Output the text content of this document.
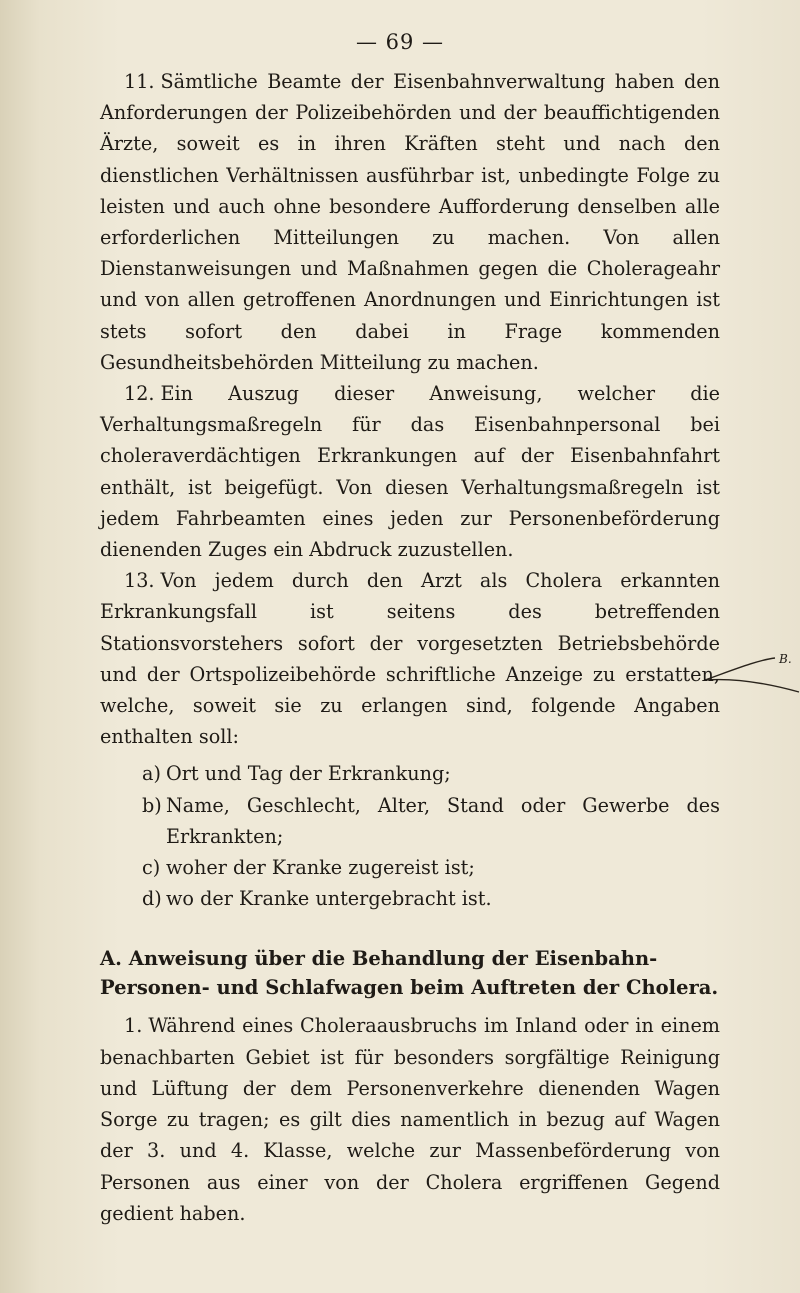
— 69 —
B.

11. Sämtliche Beamte der Eisenbahnverwaltung haben den Anforderungen der Polizeibehörden und der beauffichtigenden Ärzte, soweit es in ihren Kräften steht und nach den dienstlichen Verhältnissen ausführbar ist, unbedingte Folge zu leisten und auch ohne besondere Aufforderung denselben alle erforderlichen Mitteilungen zu machen. Von allen Dienstanweisungen und Maßnahmen gegen die Cholerageahr und von allen getroffenen Anordnungen und Einrichtungen ist stets sofort den dabei in Frage kommenden Gesundheitsbehörden Mitteilung zu machen.

12. Ein Auszug dieser Anweisung, welcher die Verhaltungsmaßregeln für das Eisenbahnpersonal bei choleraverdächtigen Erkrankungen auf der Eisenbahnfahrt enthält, ist beigefügt. Von diesen Verhaltungsmaßregeln ist jedem Fahrbeamten eines jeden zur Personenbeförderung dienenden Zuges ein Abdruck zuzustellen.

13. Von jedem durch den Arzt als Cholera erkannten Erkrankungsfall ist seitens des betreffenden Stationsvorstehers sofort der vorgesetzten Betriebsbehörde und der Ortspolizeibehörde schriftliche Anzeige zu erstatten, welche, soweit sie zu erlangen sind, folgende Angaben enthalten soll:

a) Ort und Tag der Erkrankung;
b) Name, Geschlecht, Alter, Stand oder Gewerbe des Erkrankten;
c) woher der Kranke zugereist ist;
d) wo der Kranke untergebracht ist.
A. Anweisung über die Behandlung der Eisenbahn-Personen- und Schlafwagen beim Auftreten der Cholera.

1. Während eines Choleraausbruchs im Inland oder in einem benachbarten Gebiet ist für besonders sorgfältige Reinigung und Lüftung der dem Personenverkehre dienenden Wagen Sorge zu tragen; es gilt dies namentlich in bezug auf Wagen der 3. und 4. Klasse, welche zur Massenbeförderung von Personen aus einer von der Cholera ergriffenen Gegend gedient haben.
